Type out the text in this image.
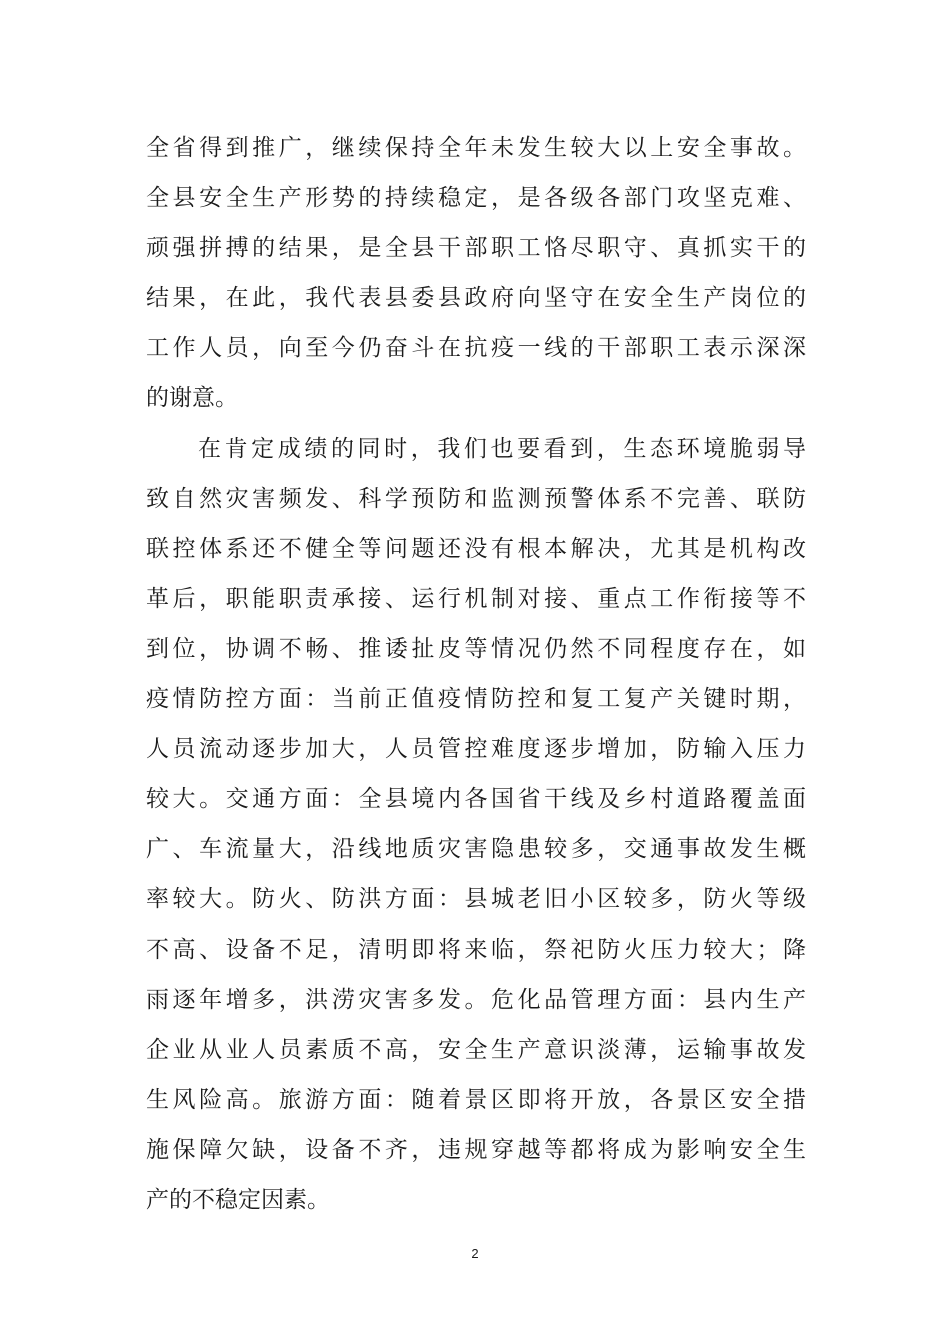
全省得到推广，继续保持全年未发生较大以上安全事故。
全县安全生产形势的持续稳定，是各级各部门攻坚克难、
顽强拼搏的结果，是全县干部职工恪尽职守、真抓实干的
结果，在此，我代表县委县政府向坚守在安全生产岗位的
工作人员，向至今仍奋斗在抗疫一线的干部职工表示深深
的谢意。
在肯定成绩的同时，我们也要看到，生态环境脆弱导
致自然灾害频发、科学预防和监测预警体系不完善、联防
联控体系还不健全等问题还没有根本解决，尤其是机构改
革后，职能职责承接、运行机制对接、重点工作衔接等不
到位，协调不畅、推诿扯皮等情况仍然不同程度存在，如
疫情防控方面：当前正值疫情防控和复工复产关键时期，
人员流动逐步加大，人员管控难度逐步增加，防输入压力
较大。交通方面：全县境内各国省干线及乡村道路覆盖面
广、车流量大，沿线地质灾害隐患较多，交通事故发生概
率较大。防火、防洪方面：县城老旧小区较多，防火等级
不高、设备不足，清明即将来临，祭祀防火压力较大；降
雨逐年增多，洪涝灾害多发。危化品管理方面：县内生产
企业从业人员素质不高，安全生产意识淡薄，运输事故发
生风险高。旅游方面：随着景区即将开放，各景区安全措
施保障欠缺，设备不齐，违规穿越等都将成为影响安全生
产的不稳定因素。
2
